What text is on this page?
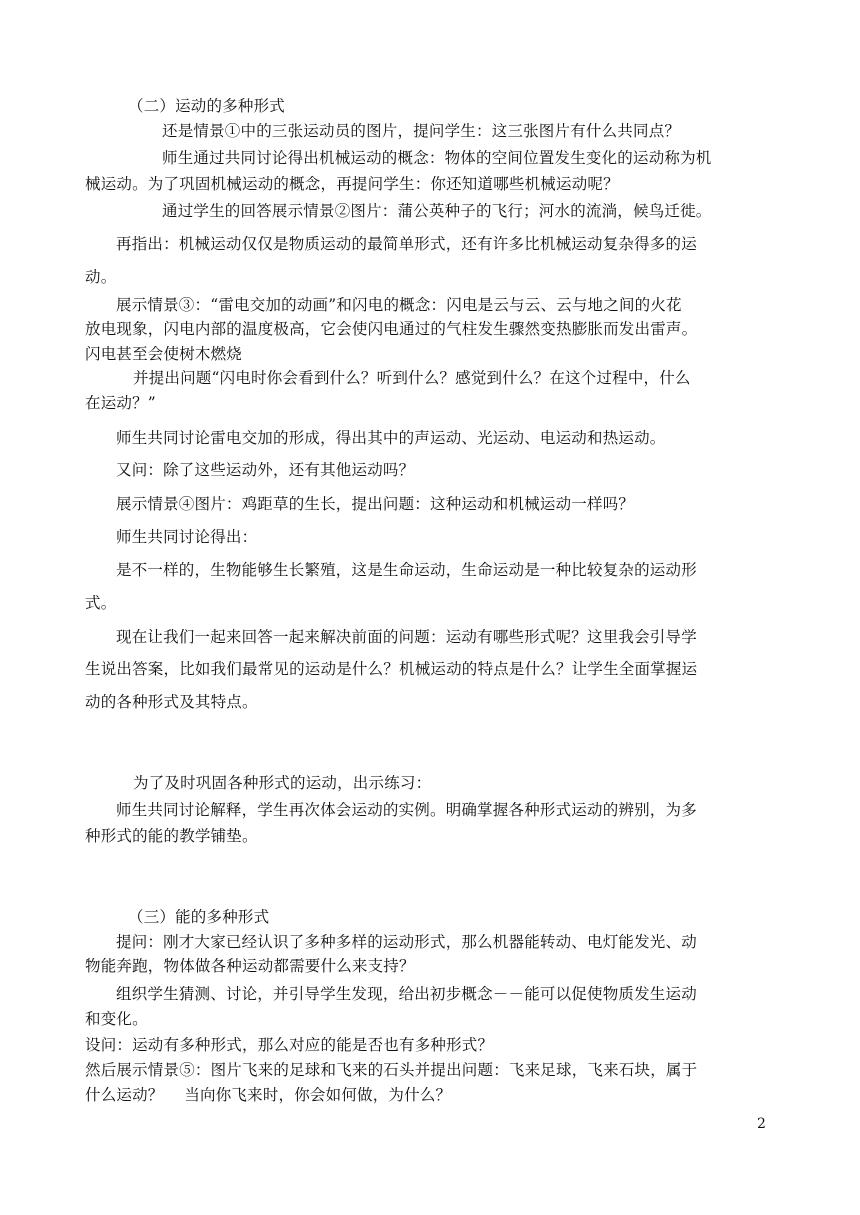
（二）运动的多种形式
还是情景①中的三张运动员的图片，提问学生：这三张图片有什么共同点？
师生通过共同讨论得出机械运动的概念：物体的空间位置发生变化的运动称为机
械运动。为了巩固机械运动的概念，再提问学生：你还知道哪些机械运动呢？
通过学生的回答展示情景②图片：蒲公英种子的飞行；河水的流淌，候鸟迁徙。
再指出：机械运动仅仅是物质运动的最简单形式，还有许多比机械运动复杂得多的运
动。
展示情景③：“雷电交加的动画”和闪电的概念：闪电是云与云、云与地之间的火花
放电现象，闪电内部的温度极高，它会使闪电通过的气柱发生骤然变热膨胀而发出雷声。
闪电甚至会使树木燃烧
并提出问题“闪电时你会看到什么？听到什么？感觉到什么？在这个过程中，什么
在运动？”
师生共同讨论雷电交加的形成，得出其中的声运动、光运动、电运动和热运动。
又问：除了这些运动外，还有其他运动吗？
展示情景④图片：鸡距草的生长，提出问题：这种运动和机械运动一样吗？
师生共同讨论得出：
是不一样的，生物能够生长繁殖，这是生命运动，生命运动是一种比较复杂的运动形
式。
现在让我们一起来回答一起来解决前面的问题：运动有哪些形式呢？这里我会引导学
生说出答案，比如我们最常见的运动是什么？机械运动的特点是什么？让学生全面掌握运
动的各种形式及其特点。
为了及时巩固各种形式的运动，出示练习：
师生共同讨论解释，学生再次体会运动的实例。明确掌握各种形式运动的辨别，为多
种形式的能的教学铺垫。
（三）能的多种形式
提问：刚才大家已经认识了多种多样的运动形式，那么机器能转动、电灯能发光、动
物能奔跑，物体做各种运动都需要什么来支持？
组织学生猜测、讨论，并引导学生发现，给出初步概念－－能可以促使物质发生运动
和变化。
设问：运动有多种形式，那么对应的能是否也有多种形式？
然后展示情景⑤：图片飞来的足球和飞来的石头并提出问题：飞来足球，飞来石块，属于
什么运动？　 当向你飞来时，你会如何做，为什么？
2
